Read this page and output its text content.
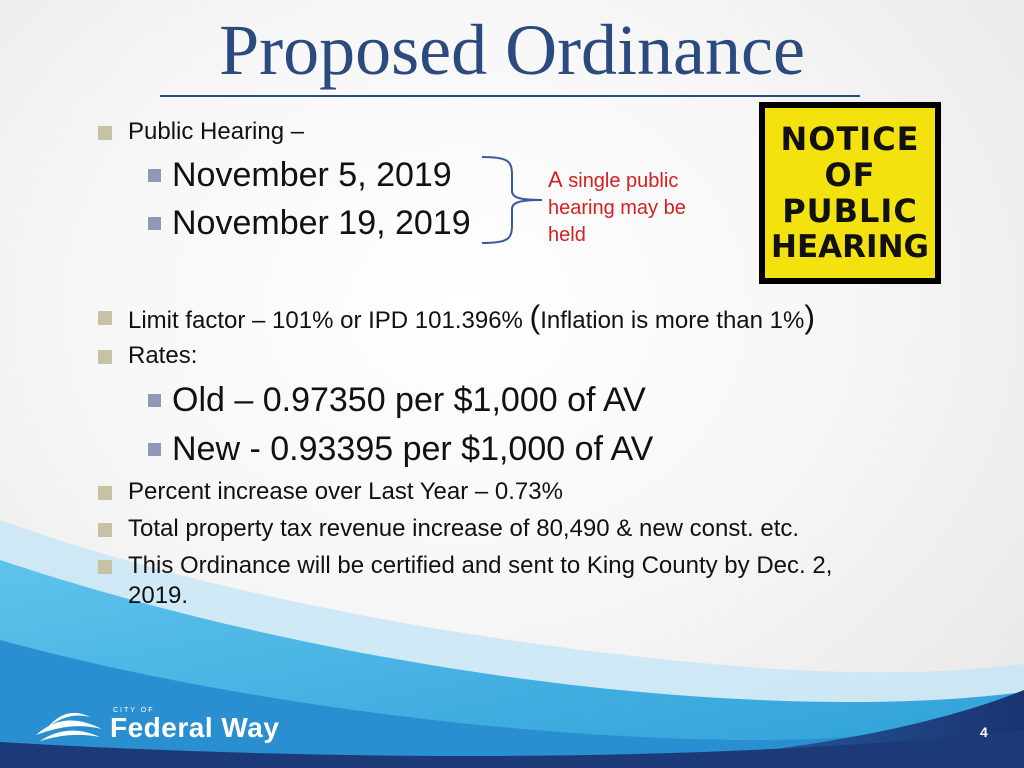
Proposed Ordinance
Public Hearing –
November 5, 2019
November 19, 2019
A single public
hearing may be
held
NOTICE
OF
PUBLIC
HEARING
Limit factor – 101% or IPD 101.396% (Inflation is more than 1%)
Rates:
Old – 0.97350 per $1,000 of AV
New - 0.93395 per $1,000 of AV
Percent increase over Last Year – 0.73%
Total property tax revenue increase of 80,490 & new const. etc.
This Ordinance will be certified and sent to King County by Dec. 2,
2019.
CITY OF
Federal Way	4
